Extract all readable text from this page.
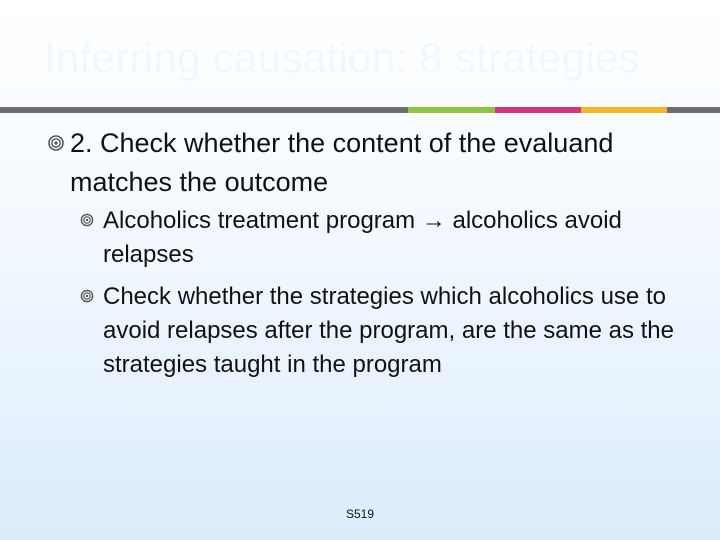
Inferring causation: 8 strategies
2. Check whether the content of the evaluand matches the outcome
Alcoholics treatment program → alcoholics avoid relapses
Check whether the strategies which alcoholics use to avoid relapses after the program, are the same as the strategies taught in the program
S519
